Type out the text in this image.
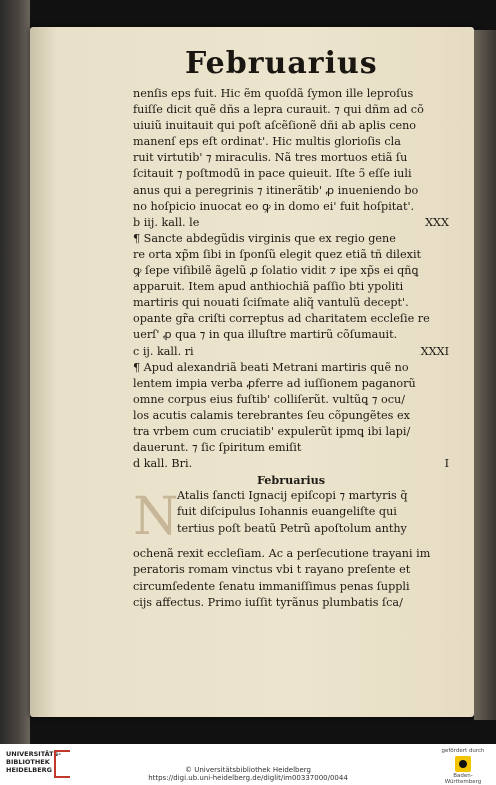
Februarius
nenſis eps fuit. Hic ẽm quoſdã ſymon ille leproſus
fuiſſe dicit quẽ dñs a lepra curauit. ⁊ qui dñm ad cõ
uiuiũ inuitauit qui poſt aſcẽſionẽ dñi ab aplis ceno
manenſ eps eſt ordinat'. Hic multis glorioſis cla
ruit virtutib' ⁊ miraculis. Nã tres mortuos etiã ſu
ſcitauit ⁊ poſtmodũ in pace quieuit. Iſte ↄ̃ eſſe iuli
anus qui a peregrinis ⁊ itinerãtib' ꝓ inueniendo bo
no hoſpicio inuocat eo ꝙ in domo ei' fuit hoſpitat'.
b iij. kall. le	XXX
¶ Sancte abdegũdis virginis que ex regio gene
re orta xp̃m ſibi in ſponſũ elegit quez etiã tñ dilexit
ꝙ ſepe viſibilẽ ãgelũ ꝓ ſolatio vidit ⁊ ipe xp̃s ei qñꝗ
apparuit. Item apud anthiochiã paſſio bti ypoliti
martiris qui nouati ſciſmate aliq̃ vantulũ decept'.
opante gr̃a criſti correptus ad charitatem eccleſie re
uerſ' ꝓ qua ⁊ in qua illuſtre martirũ cõſumauit.
c ij. kall. ri	XXXI
¶ Apud alexandriã beati Metrani martiris quẽ no
lentem impia verba ꝓferre ad iuſſionem paganorũ
omne corpus eius fuſtib' colliſerũt. vultũꝗ ⁊ ocu/
los acutis calamis terebrantes ſeu cõpungẽtes ex
tra vrbem cum cruciatib' expulerũt ipmꝗ ibi lapi/
dauerunt. ⁊ ſic ſpiritum emiſit
d kall. Bri.	I
Februarius
N
Atalis ſancti Ignacij epiſcopi ⁊ martyris q̃
fuit diſcipulus Iohannis euangeliſte qui
tertius poſt beatũ Petrũ apoſtolum anthy
ochenã rexit eccleſiam. Ac a perſecutione trayani im
peratoris romam vinctus vbi t rayano preſente et
circumſedente ſenatu immaniſſimus penas ſuppli
cijs affectus. Primo iuſſit tyrãnus plumbatis ſca/
UNIVERSITÄTS-
BIBLIOTHEK
HEIDELBERG	© Universitätsbibliothek Heidelberg
https://digi.ub.uni-heidelberg.de/diglit/im00337000/0044
gefördert durch
Baden-Württemberg
